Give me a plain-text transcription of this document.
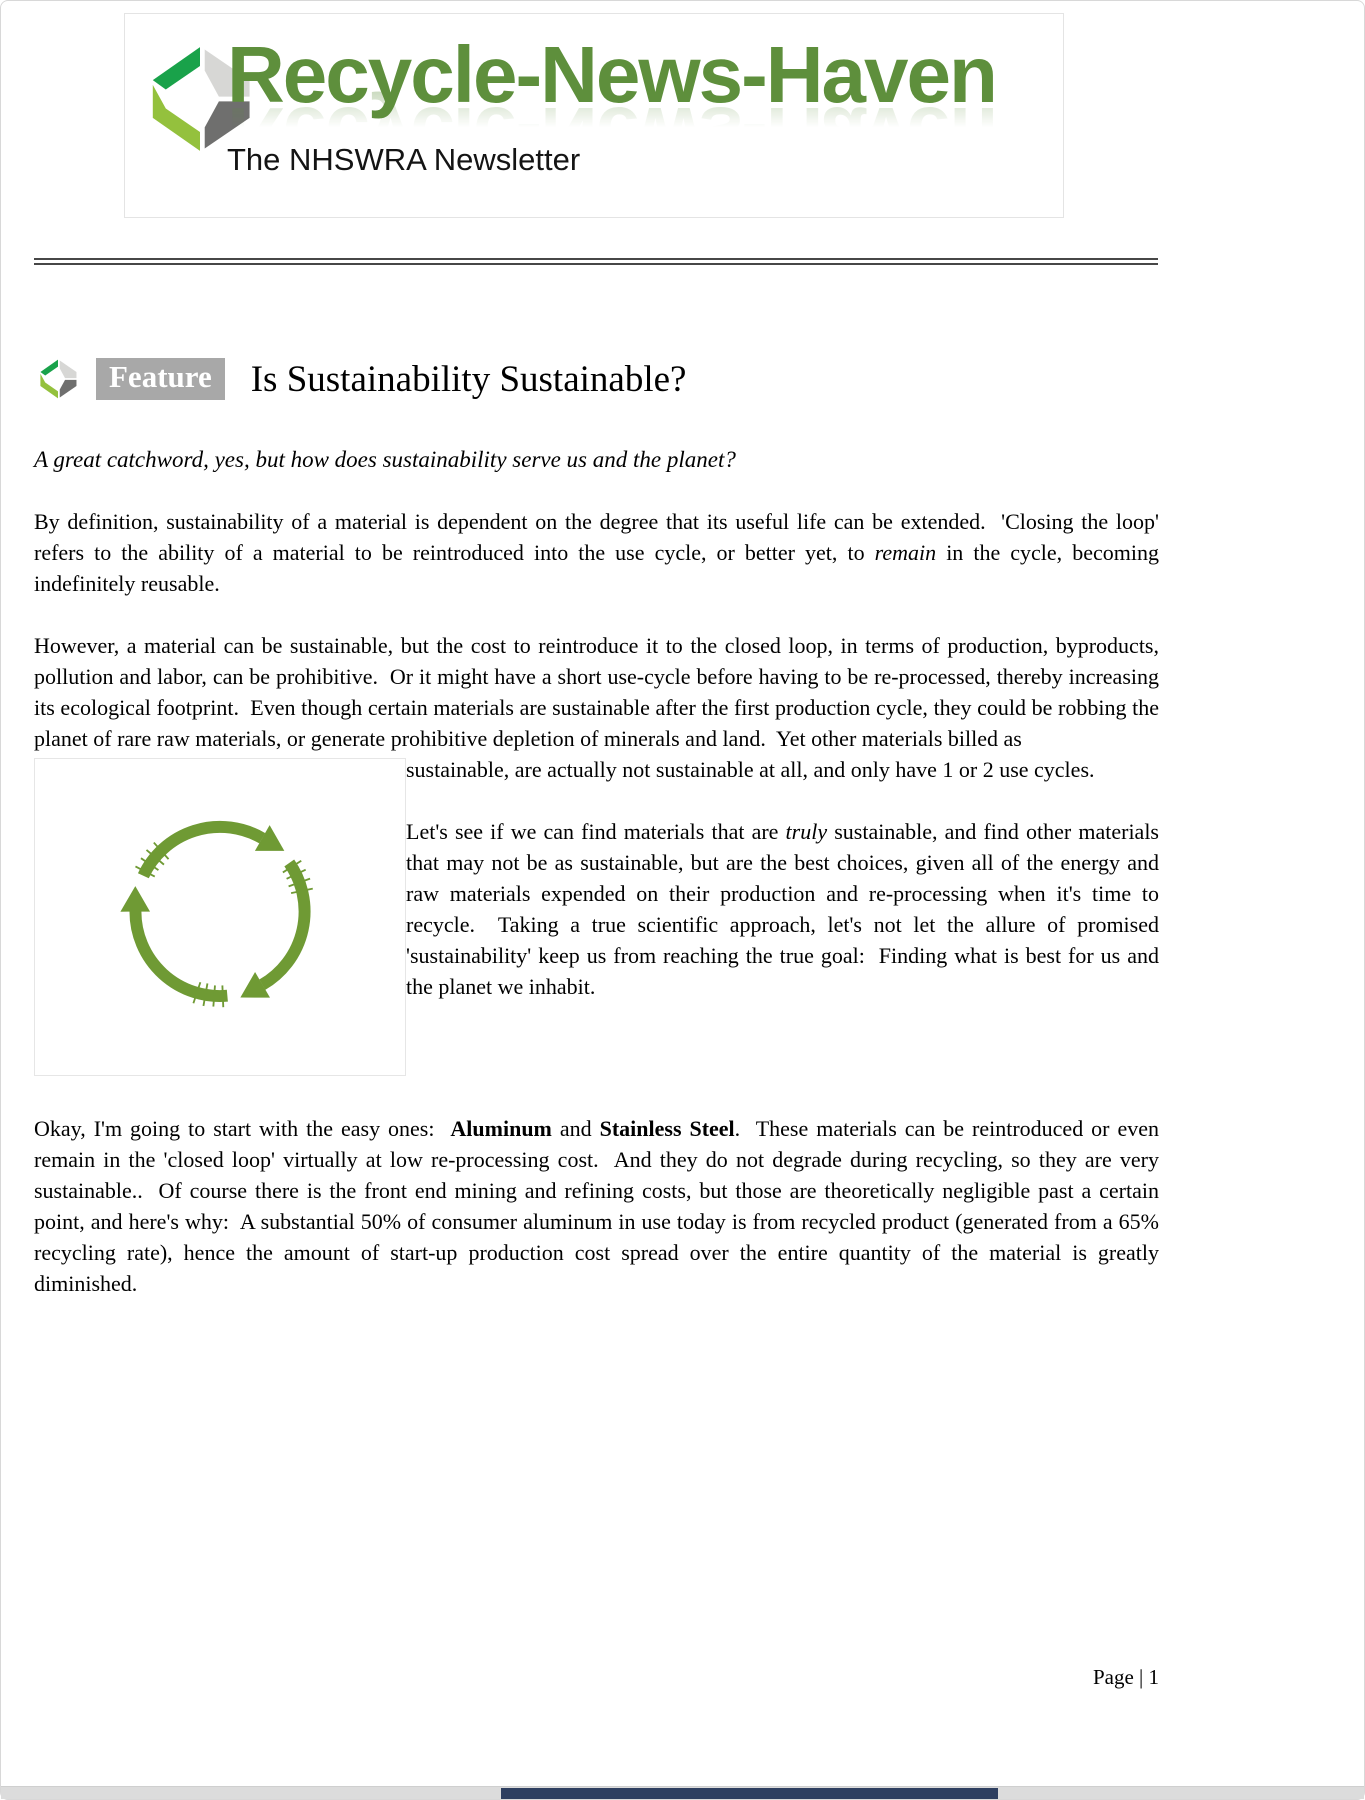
Recycle-News-Haven
The NHSWRA Newsletter
Feature	Is Sustainability Sustainable?
A great catchword, yes, but how does sustainability serve us and the planet?

By definition, sustainability of a material is dependent on the degree that its useful life can be extended.  'Closing the loop' refers to the ability of a material to be reintroduced into the use cycle, or better yet, to remain in the cycle, becoming indefinitely reusable.

However, a material can be sustainable, but the cost to reintroduce it to the closed loop, in terms of production, byproducts, pollution and labor, can be prohibitive.  Or it might have a short use-cycle before having to be re-processed, thereby increasing its ecological footprint.  Even though certain materials are sustainable after the first production cycle, they could be robbing the planet of rare raw materials, or generate prohibitive depletion of minerals and land.  Yet other materials billed as

sustainable, are actually not sustainable at all, and only have 1 or 2 use cycles.

Let's see if we can find materials that are truly sustainable, and find other materials that may not be as sustainable, but are the best choices, given all of the energy and raw materials expended on their production and re-processing when it's time to recycle.  Taking a true scientific approach, let's not let the allure of promised 'sustainability' keep us from reaching the true goal:  Finding what is best for us and the planet we inhabit.

Okay, I'm going to start with the easy ones:  Aluminum and Stainless Steel.  These materials can be reintroduced or even remain in the 'closed loop' virtually at low re-processing cost.  And they do not degrade during recycling, so they are very sustainable..  Of course there is the front end mining and refining costs, but those are theoretically negligible past a certain point, and here's why:  A substantial 50% of consumer aluminum in use today is from recycled product (generated from a 65% recycling rate), hence the amount of start-up production cost spread over the entire quantity of the material is greatly diminished.

Page | 1
